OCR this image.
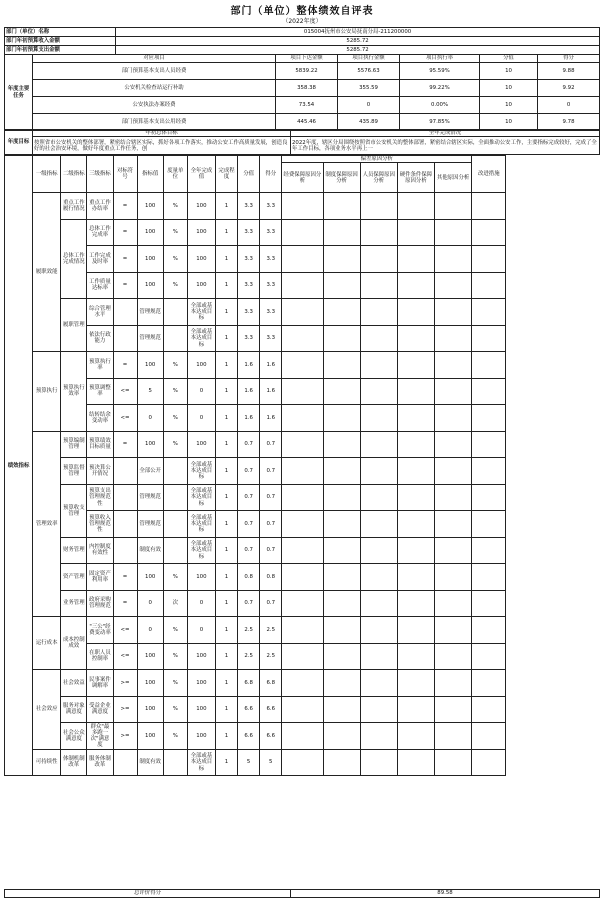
部门（单位）整体绩效自评表
（2022年度）
部门（单位）名称		015004抚州市公安局抚南分局-211200000					
部门年初预算收入金额		5285.72					
部门年初预算支出金额		5285.72					
年度主要任务	对应项目		项目下达金额	项目执行金额	项目执行率	分值	得分
	部门预算基本支出人员经费		5839.22	5576.63	95.59%	10	9.88
	公安机关检查站运行补助		358.38	355.59	99.22%	10	9.92
	公安执法办案经费		73.54	0	0.00%	10	0
	部门预算基本支出公用经费		445.46	435.89	97.85%	10	9.78
年度目标	年初总体目标	全年完成情况
	按照省市公安机关的整体部署，紧密结合辖区实际，抓好各项工作落实，推动公安工作高质量发展，创造良好的社会治安环境，做好年度重点工作任务，创	2022年度，辖区分局围绕按照省市公安机关的整体部署，紧密结合辖区实际，全面推动公安工作，主要指标完成较好，完成了全年工作目标，各项业务水平再上一
绩效指标	一级指标	二级指标	三级指标	对标符号	指标值	度量单位	全年完成值	完成程度	分值	得分	偏差原因分析					改进措施
											经费保障原因分析	制度保障原因分析	人员保障原因分析	硬件条件保障原因分析	其他原因分析	
	履职效能	重点工作履行情况	重点工作办结率	=	100	%	100	1	3.3	3.3						
		总体工作完成情况	总体工作完成率	=	100	%	100	1	3.3	3.3						
			工作完成及时率	=	100	%	100	1	3.3	3.3						
			工作质量达标率	=	100	%	100	1	3.3	3.3						
		履职管理	综合管理水平		管理规范		全部或基本达成目标	1	3.3	3.3						
			依法行政能力		管理规范		全部或基本达成目标	1	3.3	3.3						
	预算执行	预算执行效率	预算执行率	=	100	%	100	1	1.6	1.6						
			预算调整率	<=	5	%	0	1	1.6	1.6						
			结转结余变动率	<=	0	%	0	1	1.6	1.6						
	管理效率	预算编制管理	预算绩效目标质量	=	100	%	100	1	0.7	0.7						
		预算监督管理	预决算公开情况		全部公开		全部或基本达成目标	1	0.7	0.7						
		预算收支管理	预算支出管理规范性		管理规范		全部或基本达成目标	1	0.7	0.7						
			预算收入管理规范性		管理规范		全部或基本达成目标	1	0.7	0.7						
		财务管理	内控制度有效性		制度有效		全部或基本达成目标	1	0.7	0.7						
		资产管理	固定资产利用率	=	100	%	100	1	0.8	0.8						
		业务管理	政府采购管理规范	=	0	次	0	1	0.7	0.7						
	运行成本	成本控制成效	"三公"经费变动率	<=	0	%	0	1	2.5	2.5						
			在职人员控制率	<=	100	%	100	1	2.5	2.5						
	社会效应	社会效益	民事案件调解率	>=	100	%	100	1	6.8	6.8						
		服务对象满意度	受益企业满意度	>=	100	%	100	1	6.6	6.6						
		社会公众满意度	群众"最多跑一次"满意度	>=	100	%	100	1	6.6	6.6						
	可持续性	体制机制改革	服务体制改革		制度有效		全部或基本达成目标	1	5	5						
总评价得分	89.58
